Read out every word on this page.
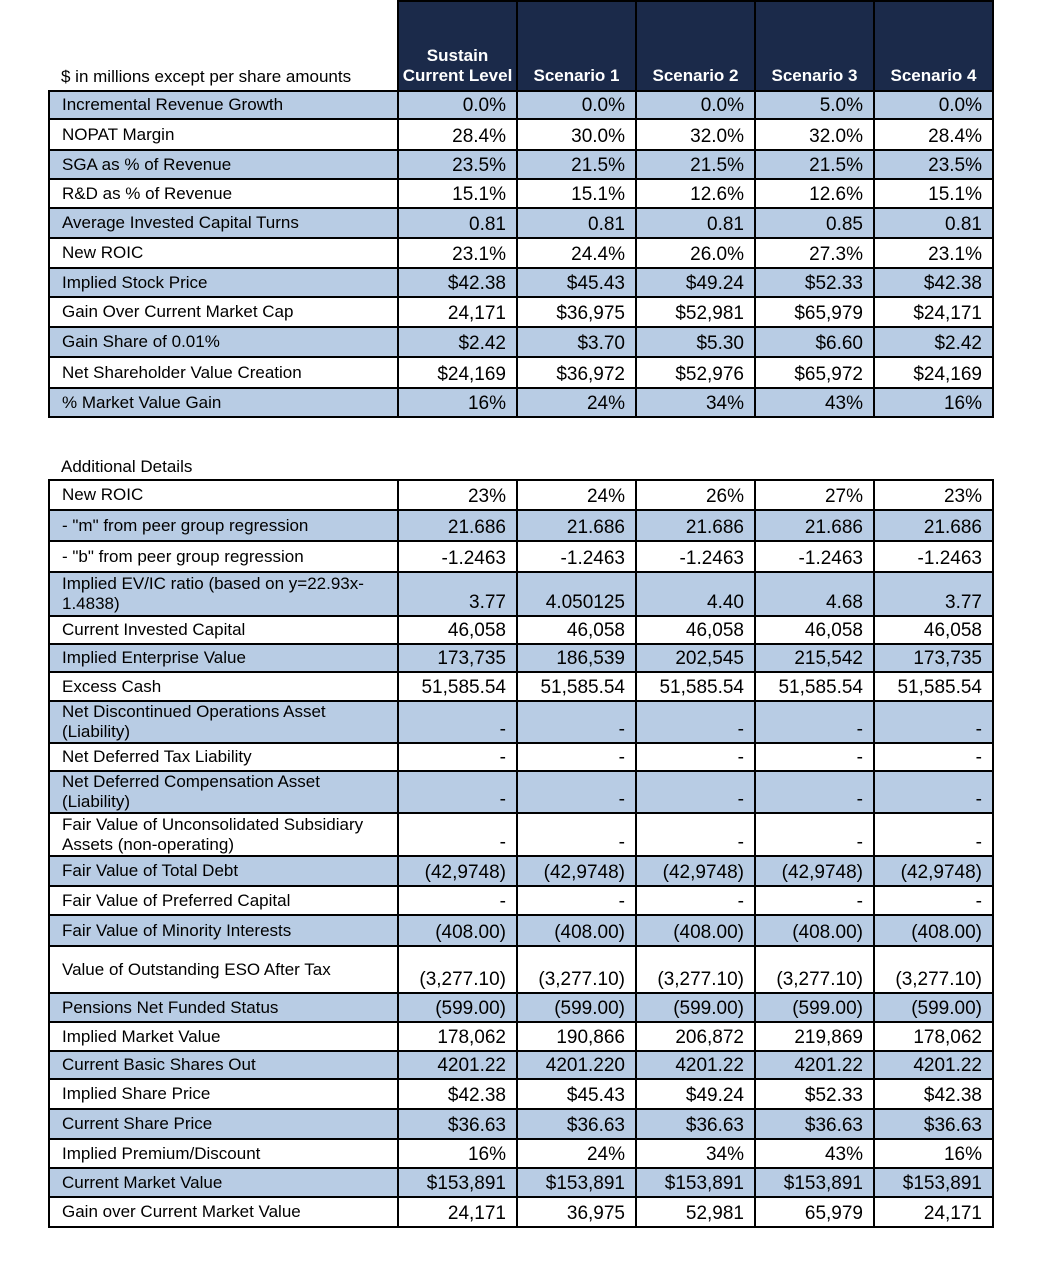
$ in millions except per share amounts	Sustain Current Level	Scenario 1	Scenario 2	Scenario 3	Scenario 4
Incremental Revenue Growth	0.0%	0.0%	0.0%	5.0%	0.0%
NOPAT Margin	28.4%	30.0%	32.0%	32.0%	28.4%
SGA as % of Revenue	23.5%	21.5%	21.5%	21.5%	23.5%
R&D as % of Revenue	15.1%	15.1%	12.6%	12.6%	15.1%
Average Invested Capital Turns	0.81	0.81	0.81	0.85	0.81
New ROIC	23.1%	24.4%	26.0%	27.3%	23.1%
Implied Stock Price	$42.38	$45.43	$49.24	$52.33	$42.38
Gain Over Current Market Cap	24,171	$36,975	$52,981	$65,979	$24,171
Gain Share of 0.01%	$2.42	$3.70	$5.30	$6.60	$2.42
Net Shareholder Value Creation	$24,169	$36,972	$52,976	$65,972	$24,169
% Market Value Gain	16%	24%	34%	43%	16%
Additional Details					
New ROIC	23%	24%	26%	27%	23%
- "m" from peer group regression	21.686	21.686	21.686	21.686	21.686
- "b" from peer group regression	-1.2463	-1.2463	-1.2463	-1.2463	-1.2463
Implied EV/IC ratio (based on y=22.93x-1.4838)	3.77	4.050125	4.40	4.68	3.77
Current Invested Capital	46,058	46,058	46,058	46,058	46,058
Implied Enterprise Value	173,735	186,539	202,545	215,542	173,735
Excess Cash	51,585.54	51,585.54	51,585.54	51,585.54	51,585.54
Net Discontinued Operations Asset (Liability)	-	-	-	-	-
Net Deferred Tax Liability	-	-	-	-	-
Net Deferred Compensation Asset (Liability)	-	-	-	-	-
Fair Value of Unconsolidated Subsidiary Assets (non-operating)	-	-	-	-	-
Fair Value of Total Debt	(42,9748)	(42,9748)	(42,9748)	(42,9748)	(42,9748)
Fair Value of Preferred Capital	-	-	-	-	-
Fair Value of Minority Interests	(408.00)	(408.00)	(408.00)	(408.00)	(408.00)
Value of Outstanding ESO After Tax	(3,277.10)	(3,277.10)	(3,277.10)	(3,277.10)	(3,277.10)
Pensions Net Funded Status	(599.00)	(599.00)	(599.00)	(599.00)	(599.00)
Implied Market Value	178,062	190,866	206,872	219,869	178,062
Current Basic Shares Out	4201.22	4201.220	4201.22	4201.22	4201.22
Implied Share Price	$42.38	$45.43	$49.24	$52.33	$42.38
Current Share Price	$36.63	$36.63	$36.63	$36.63	$36.63
Implied Premium/Discount	16%	24%	34%	43%	16%
Current Market Value	$153,891	$153,891	$153,891	$153,891	$153,891
Gain over Current Market Value	24,171	36,975	52,981	65,979	24,171
